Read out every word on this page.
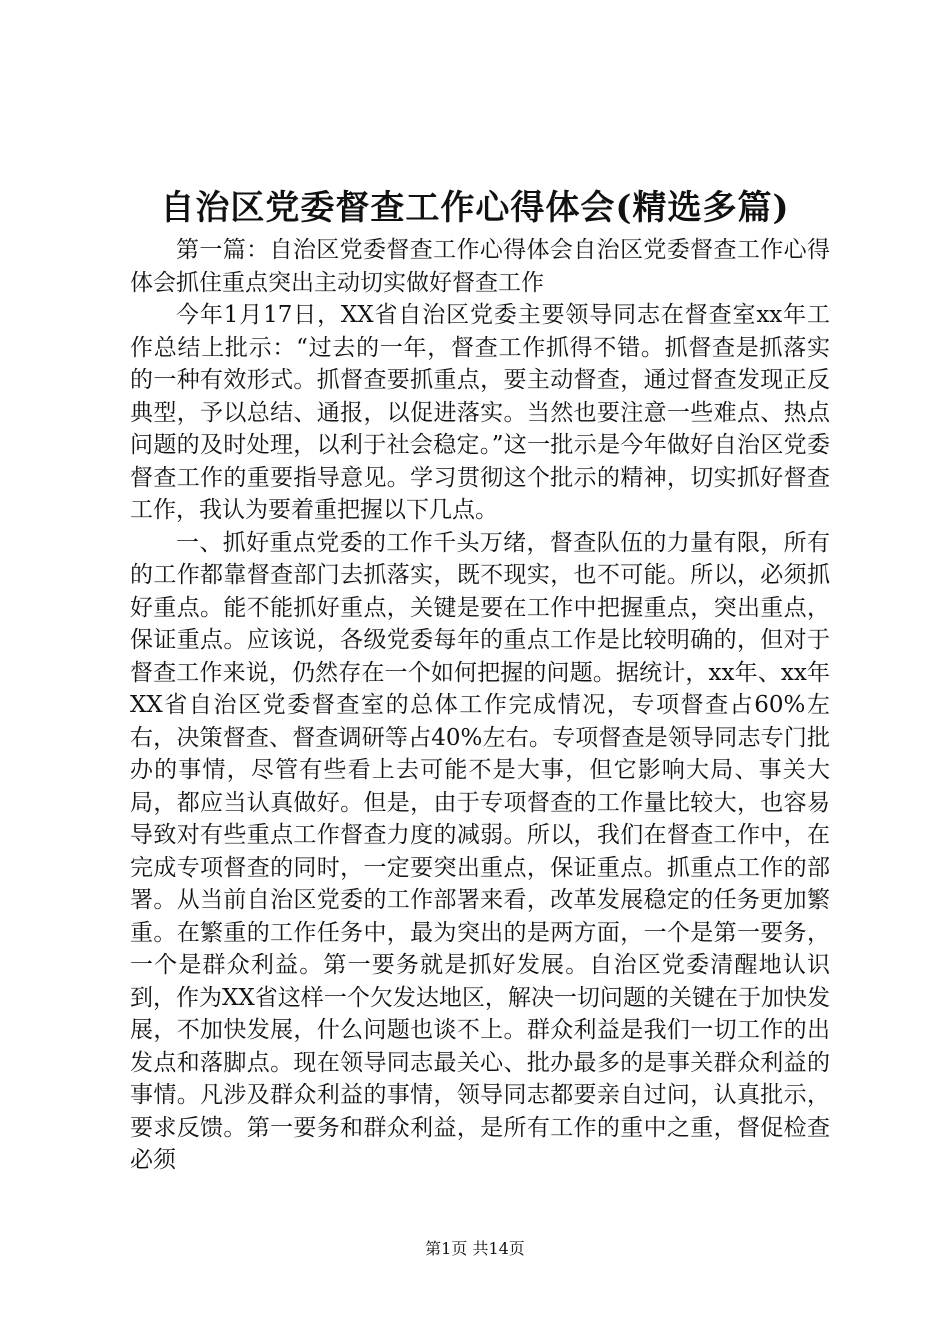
自治区党委督查工作心得体会(精选多篇)

第一篇：自治区党委督查工作心得体会自治区党委督查工作心得体会抓住重点突出主动切实做好督查工作

今年1月17日，XX省自治区党委主要领导同志在督查室xx年工作总结上批示：“过去的一年，督查工作抓得不错。抓督查是抓落实的一种有效形式。抓督查要抓重点，要主动督查，通过督查发现正反典型，予以总结、通报，以促进落实。当然也要注意一些难点、热点问题的及时处理，以利于社会稳定。”这一批示是今年做好自治区党委督查工作的重要指导意见。学习贯彻这个批示的精神，切实抓好督查工作，我认为要着重把握以下几点。

一、抓好重点党委的工作千头万绪，督查队伍的力量有限，所有的工作都靠督查部门去抓落实，既不现实，也不可能。所以，必须抓好重点。能不能抓好重点，关键是要在工作中把握重点，突出重点，保证重点。应该说，各级党委每年的重点工作是比较明确的，但对于督查工作来说，仍然存在一个如何把握的问题。据统计，xx年、xx年XX省自治区党委督查室的总体工作完成情况，专项督查占60%左右，决策督查、督查调研等占40%左右。专项督查是领导同志专门批办的事情，尽管有些看上去可能不是大事，但它影响大局、事关大局，都应当认真做好。但是，由于专项督查的工作量比较大，也容易导致对有些重点工作督查力度的减弱。所以，我们在督查工作中，在完成专项督查的同时，一定要突出重点，保证重点。抓重点工作的部署。从当前自治区党委的工作部署来看，改革发展稳定的任务更加繁重。在繁重的工作任务中，最为突出的是两方面，一个是第一要务，一个是群众利益。第一要务就是抓好发展。自治区党委清醒地认识到，作为XX省这样一个欠发达地区，解决一切问题的关键在于加快发展，不加快发展，什么问题也谈不上。群众利益是我们一切工作的出发点和落脚点。现在领导同志最关心、批办最多的是事关群众利益的事情。凡涉及群众利益的事情，领导同志都要亲自过问，认真批示，要求反馈。第一要务和群众利益，是所有工作的重中之重，督促检查必须

第1页 共14页
